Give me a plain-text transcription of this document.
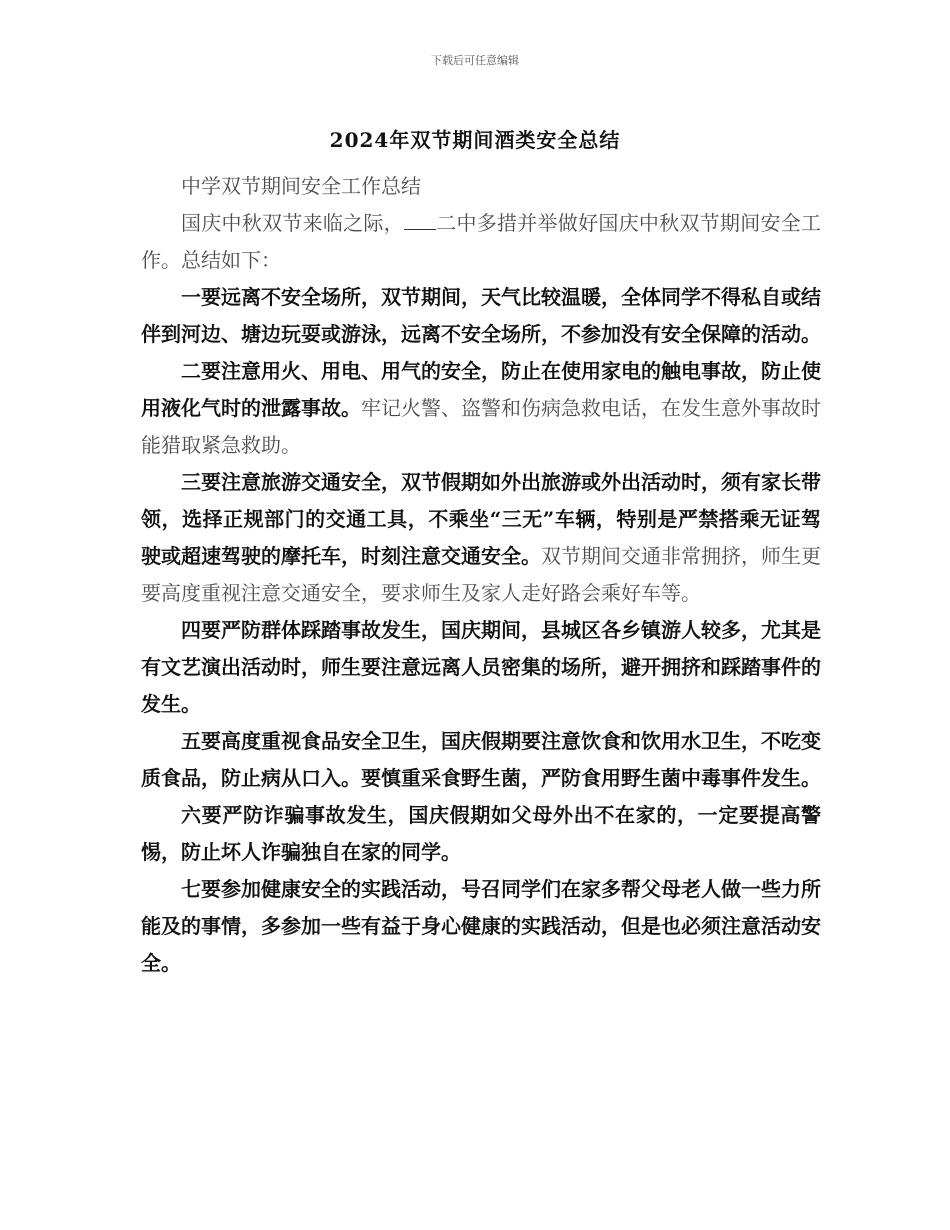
下载后可任意编辑
2024年双节期间酒类安全总结

中学双节期间安全工作总结

国庆中秋双节来临之际， 二中多措并举做好国庆中秋双节期间安全工作。总结如下：

一要远离不安全场所，双节期间，天气比较温暖，全体同学不得私自或结伴到河边、塘边玩耍或游泳，远离不安全场所，不参加没有安全保障的活动。

二要注意用火、用电、用气的安全，防止在使用家电的触电事故，防止使用液化气时的泄露事故。牢记火警、盗警和伤病急救电话，在发生意外事故时能猎取紧急救助。

三要注意旅游交通安全，双节假期如外出旅游或外出活动时，须有家长带领，选择正规部门的交通工具，不乘坐“三无”车辆，特别是严禁搭乘无证驾驶或超速驾驶的摩托车，时刻注意交通安全。双节期间交通非常拥挤，师生更要高度重视注意交通安全，要求师生及家人走好路会乘好车等。

四要严防群体踩踏事故发生，国庆期间，县城区各乡镇游人较多，尤其是有文艺演出活动时，师生要注意远离人员密集的场所，避开拥挤和踩踏事件的发生。

五要高度重视食品安全卫生，国庆假期要注意饮食和饮用水卫生，不吃变质食品，防止病从口入。要慎重采食野生菌，严防食用野生菌中毒事件发生。

六要严防诈骗事故发生，国庆假期如父母外出不在家的，一定要提高警惕，防止坏人诈骗独自在家的同学。

七要参加健康安全的实践活动，号召同学们在家多帮父母老人做一些力所能及的事情，多参加一些有益于身心健康的实践活动，但是也必须注意活动安全。
